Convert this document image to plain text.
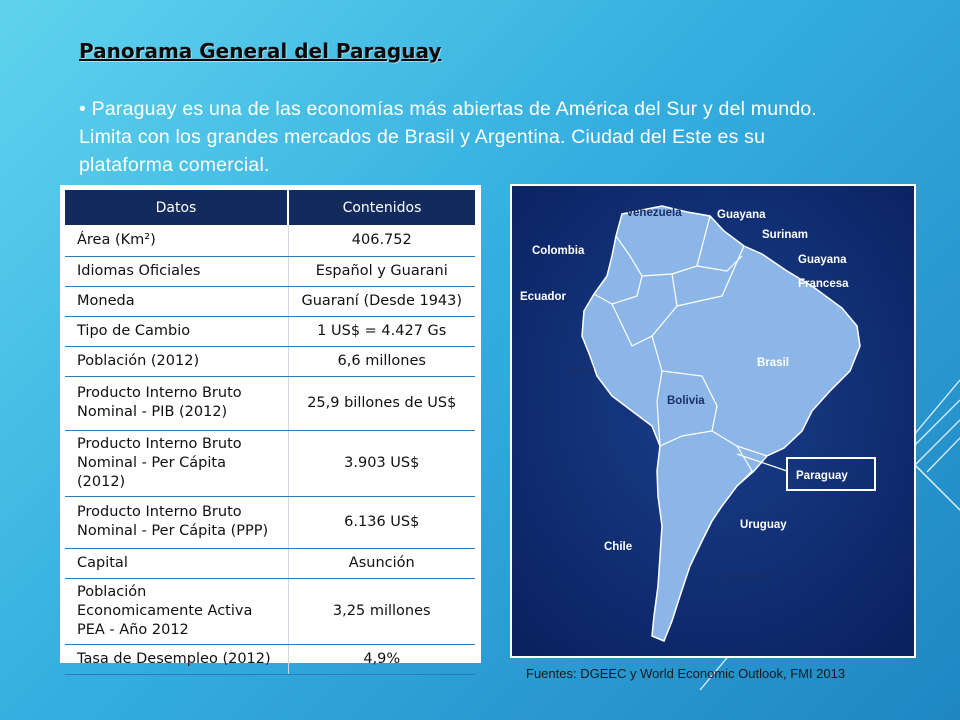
Panorama General del Paraguay

• Paraguay es una de las economías más abiertas de América del Sur y del mundo. Limita con los grandes mercados de Brasil y Argentina. Ciudad del Este es su plataforma comercial.

Datos	Contenidos
Área (Km²)	406.752
Idiomas Oficiales	Español y Guarani
Moneda	Guaraní (Desde 1943)
Tipo de Cambio	1 US$ = 4.427 Gs
Población (2012)	6,6 millones
Producto Interno Bruto Nominal - PIB (2012)	25,9 billones de US$
Producto Interno Bruto Nominal - Per Cápita (2012)	3.903 US$
Producto Interno Bruto Nominal - Per Cápita (PPP)	6.136 US$
Capital	Asunción
Población Economicamente Activa PEA - Año 2012	3,25 millones
Tasa de Desempleo (2012)	4,9%
Venezuela	Guayana
Surinam
Guayana
Francesa
Colombia
Ecuador
Perú
Brasil
Bolivia
Paraguay
Uruguay
Chile
Argentina

Fuentes: DGEEC y World Economic Outlook, FMI 2013
